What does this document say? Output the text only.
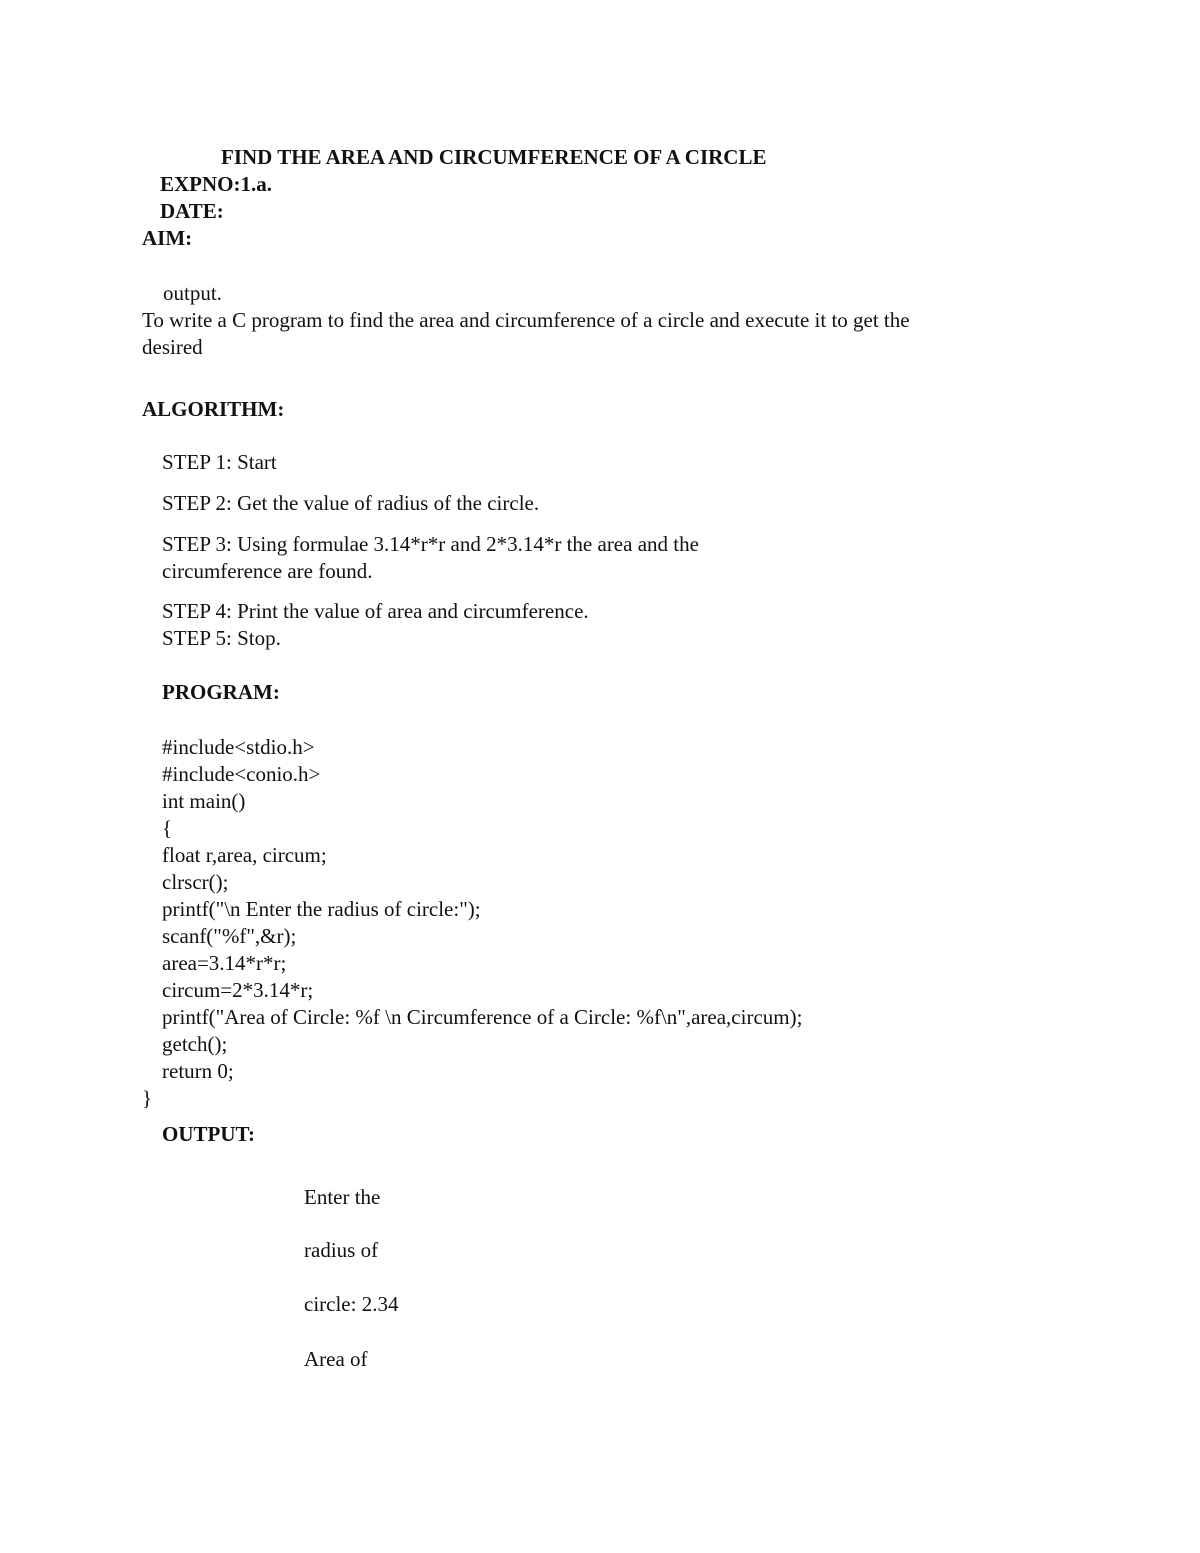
FIND THE AREA AND CIRCUMFERENCE OF A CIRCLE
EXPNO:1.a.
DATE:
AIM:
output.
To write a C program to find the area and circumference of a circle and execute it to get the
desired
ALGORITHM:
STEP 1: Start
STEP 2: Get the value of radius of the circle.
STEP 3: Using formulae 3.14*r*r and 2*3.14*r the area and the
circumference are found.
STEP 4: Print the value of area and circumference.
STEP 5: Stop.
PROGRAM:
#include<stdio.h>
#include<conio.h>
int main()
{
float r,area, circum;
clrscr();
printf("\n Enter the radius of circle:");
scanf("%f",&r);
area=3.14*r*r;
circum=2*3.14*r;
printf("Area of Circle: %f \n Circumference of a Circle: %f\n",area,circum);
getch();
return 0;
}
OUTPUT:
Enter the
radius of
circle: 2.34
Area of
